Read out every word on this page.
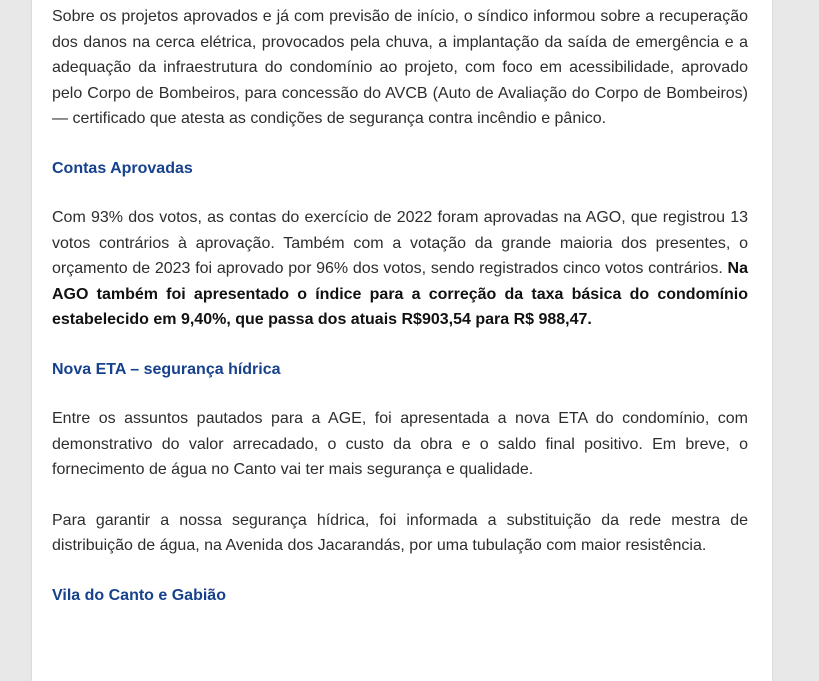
Sobre os projetos aprovados e já com previsão de início, o síndico informou sobre a recuperação dos danos na cerca elétrica, provocados pela chuva, a implantação da saída de emergência e a adequação da infraestrutura do condomínio ao projeto, com foco em acessibilidade, aprovado pelo Corpo de Bombeiros, para concessão do AVCB (Auto de Avaliação do Corpo de Bombeiros) — certificado que atesta as condições de segurança contra incêndio e pânico.

Contas Aprovadas

Com 93% dos votos, as contas do exercício de 2022 foram aprovadas na AGO, que registrou 13 votos contrários à aprovação. Também com a votação da grande maioria dos presentes, o orçamento de 2023 foi aprovado por 96% dos votos, sendo registrados cinco votos contrários. Na AGO também foi apresentado o índice para a correção da taxa básica do condomínio estabelecido em 9,40%, que passa dos atuais R$903,54 para R$ 988,47.

Nova ETA – segurança hídrica

Entre os assuntos pautados para a AGE, foi apresentada a nova ETA do condomínio, com demonstrativo do valor arrecadado, o custo da obra e o saldo final positivo. Em breve, o fornecimento de água no Canto vai ter mais segurança e qualidade.

Para garantir a nossa segurança hídrica, foi informada a substituição da rede mestra de distribuição de água, na Avenida dos Jacarandás, por uma tubulação com maior resistência.

Vila do Canto e Gabião
